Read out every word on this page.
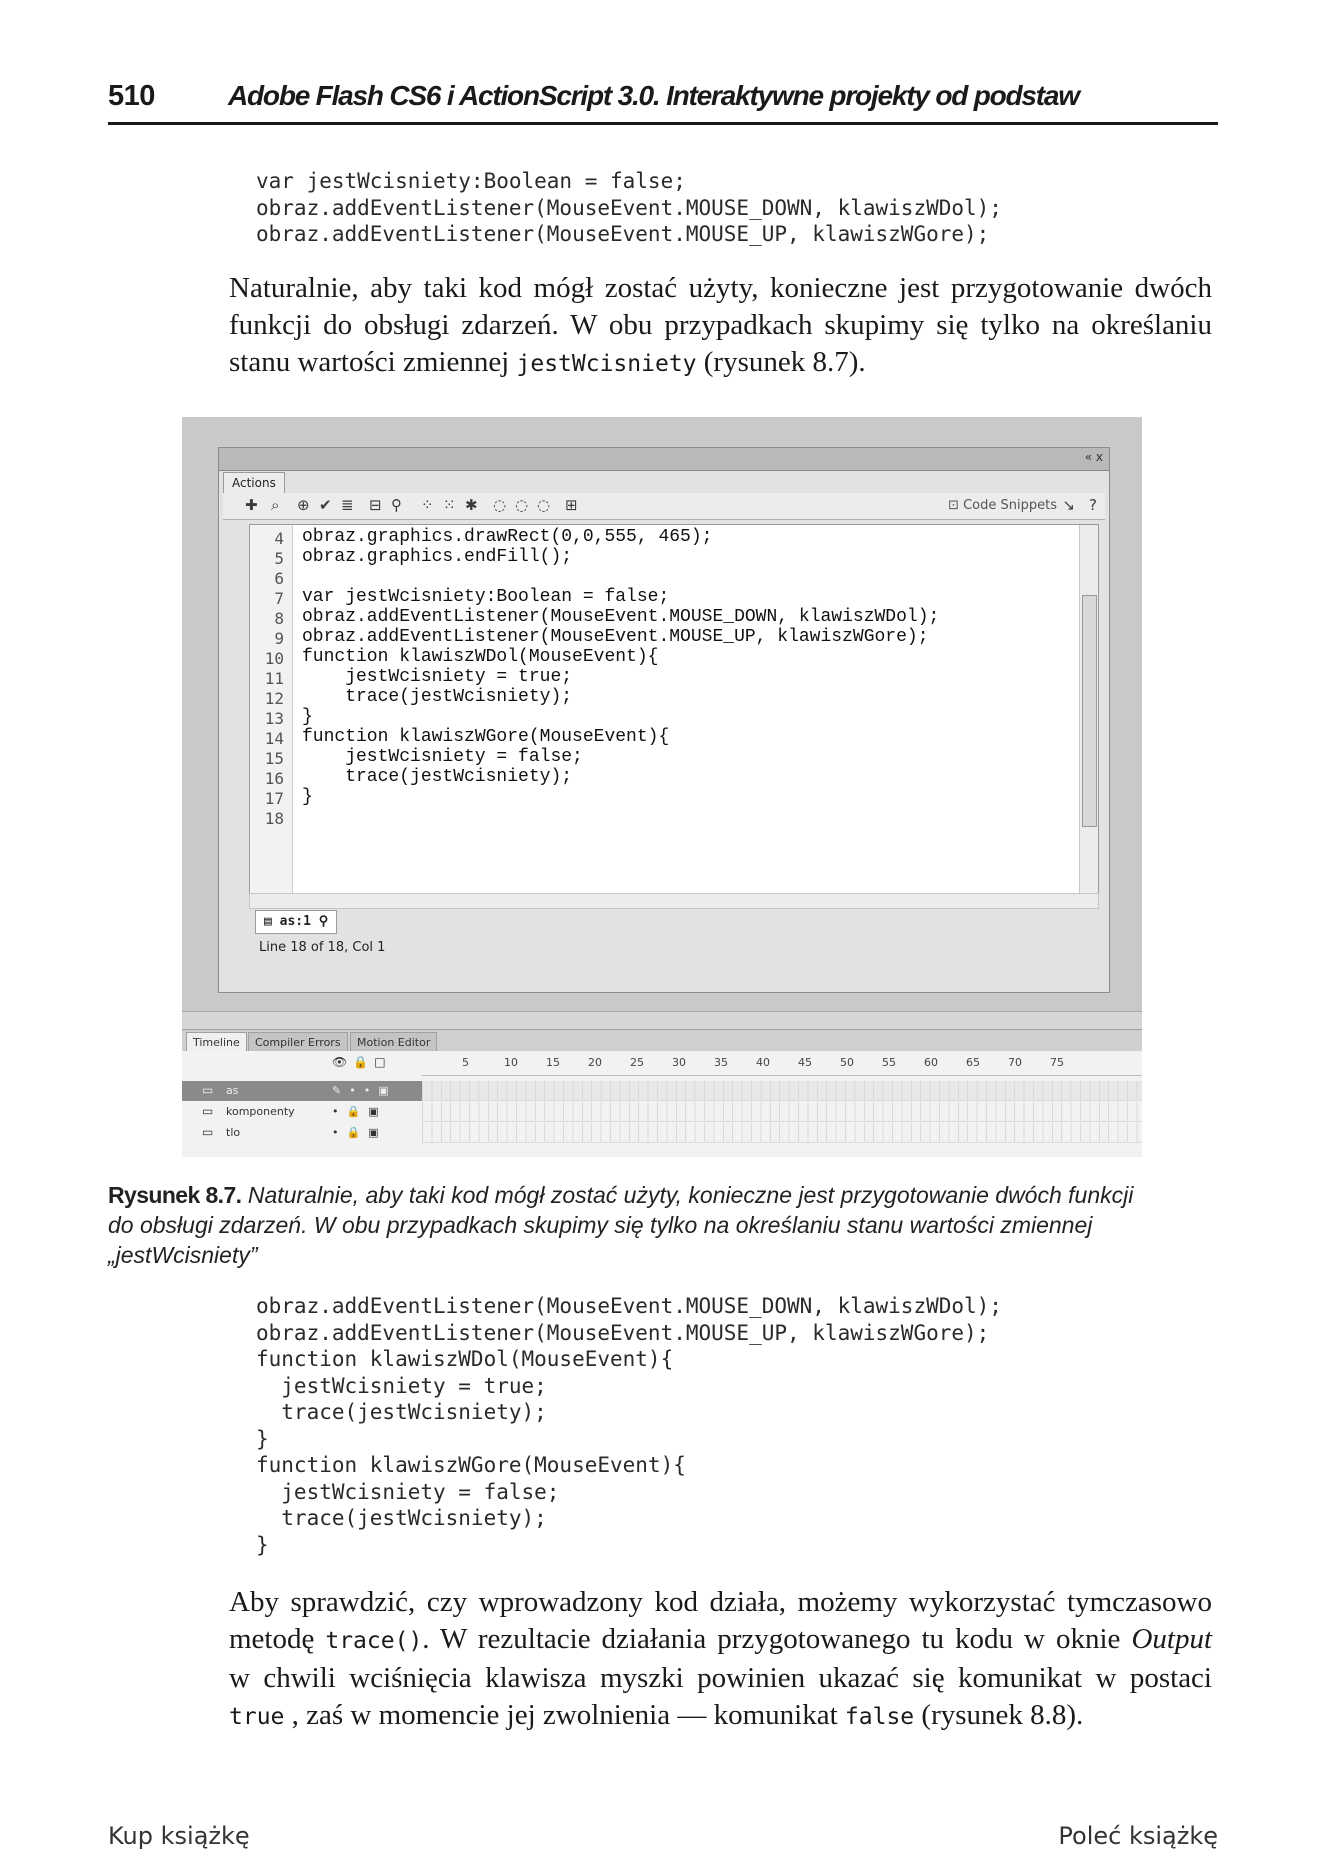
510	Adobe Flash CS6 i ActionScript 3.0. Interaktywne projekty od podstaw
var jestWcisniety:Boolean = false;
obraz.addEventListener(MouseEvent.MOUSE_DOWN, klawiszWDol);
obraz.addEventListener(MouseEvent.MOUSE_UP, klawiszWGore);
Naturalnie, aby taki kod mógł zostać użyty, konieczne jest przygotowanie dwóch
funkcji do obsługi zdarzeń. W obu przypadkach skupimy się tylko na określaniu
stanu wartości zmiennej jestWcisniety (rysunek 8.7).
« x
Actions
✚ ⌕ ⊕ ✔ ≣ ⊟ ⚲ ⁘ ⁙ ✱ ◌ ◌ ◌ ⊞	⊡ Code Snippets ↘ ?
4
5
6
7
8
9
10
11
12
13
14
15
16
17
18
obraz.graphics.drawRect(0,0,555, 465);
obraz.graphics.endFill();
var jestWcisniety:Boolean = false;
obraz.addEventListener(MouseEvent.MOUSE_DOWN, klawiszWDol);
obraz.addEventListener(MouseEvent.MOUSE_UP, klawiszWGore);
function klawiszWDol(MouseEvent){
jestWcisniety = true;
trace(jestWcisniety);
}
function klawiszWGore(MouseEvent){
jestWcisniety = false;
trace(jestWcisniety);
}
▤ as:1 ⚲
Line 18 of 18, Col 1
Timeline	Compiler Errors	Motion Editor
5	10	15	20	25	30	35	40	45	50	55	60	65	70	75
👁🔒□
▭ as	✎••▣
▭ komponenty	•🔒▣
▭ tlo	•🔒▣
Rysunek 8.7. Naturalnie, aby taki kod mógł zostać użyty, konieczne jest przygotowanie dwóch funkcji
do obsługi zdarzeń. W obu przypadkach skupimy się tylko na określaniu stanu wartości zmiennej
„jestWcisniety”
obraz.addEventListener(MouseEvent.MOUSE_DOWN, klawiszWDol);
obraz.addEventListener(MouseEvent.MOUSE_UP, klawiszWGore);
function klawiszWDol(MouseEvent){
jestWcisniety = true;
trace(jestWcisniety);
}
function klawiszWGore(MouseEvent){
jestWcisniety = false;
trace(jestWcisniety);
}
Aby sprawdzić, czy wprowadzony kod działa, możemy wykorzystać tymczasowo
metodę trace(). W rezultacie działania przygotowanego tu kodu w oknie Output
w chwili wciśnięcia klawisza myszki powinien ukazać się komunikat w postaci
true , zaś w momencie jej zwolnienia — komunikat false (rysunek 8.8).
Kup książkę	Poleć książkę
